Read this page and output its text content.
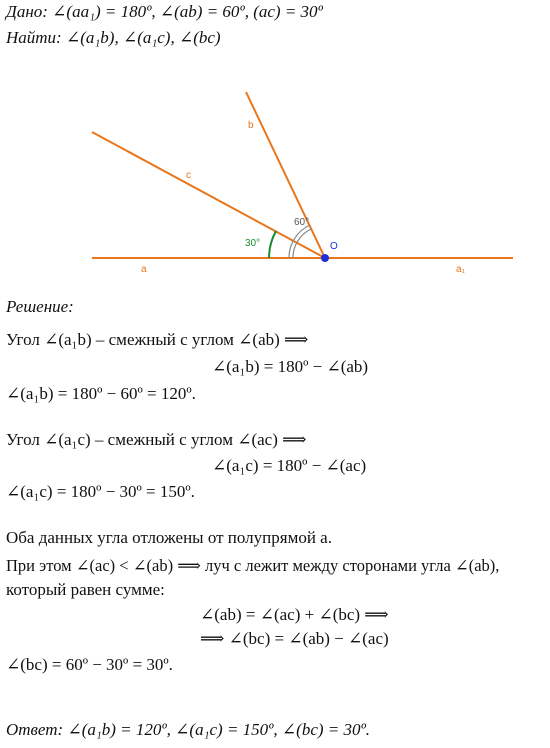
Дано: ∠(aa₁) = 180º, ∠(ab) = 60º, (ac) = 30º
Найти: ∠(a₁b), ∠(a₁c), ∠(bc)
a	a₁
b
c
O
60°
30°
Решение:
Угол ∠(a₁b) – смежный с углом ∠(ab) ⟹
∠(a₁b) = 180º − ∠(ab)
∠(a₁b) = 180º − 60º = 120º.
Угол ∠(a₁c) – смежный с углом ∠(ac) ⟹
∠(a₁c) = 180º − ∠(ac)
∠(a₁c) = 180º − 30º = 150º.
Оба данных угла отложены от полупрямой a.
При этом ∠(ac) < ∠(ab) ⟹ луч c лежит между сторонами угла ∠(ab),
который равен сумме:
∠(ab) = ∠(ac) + ∠(bc) ⟹
⟹ ∠(bc) = ∠(ab) − ∠(ac)
∠(bc) = 60º − 30º = 30º.
Ответ: ∠(a₁b) = 120º, ∠(a₁c) = 150º, ∠(bc) = 30º.
